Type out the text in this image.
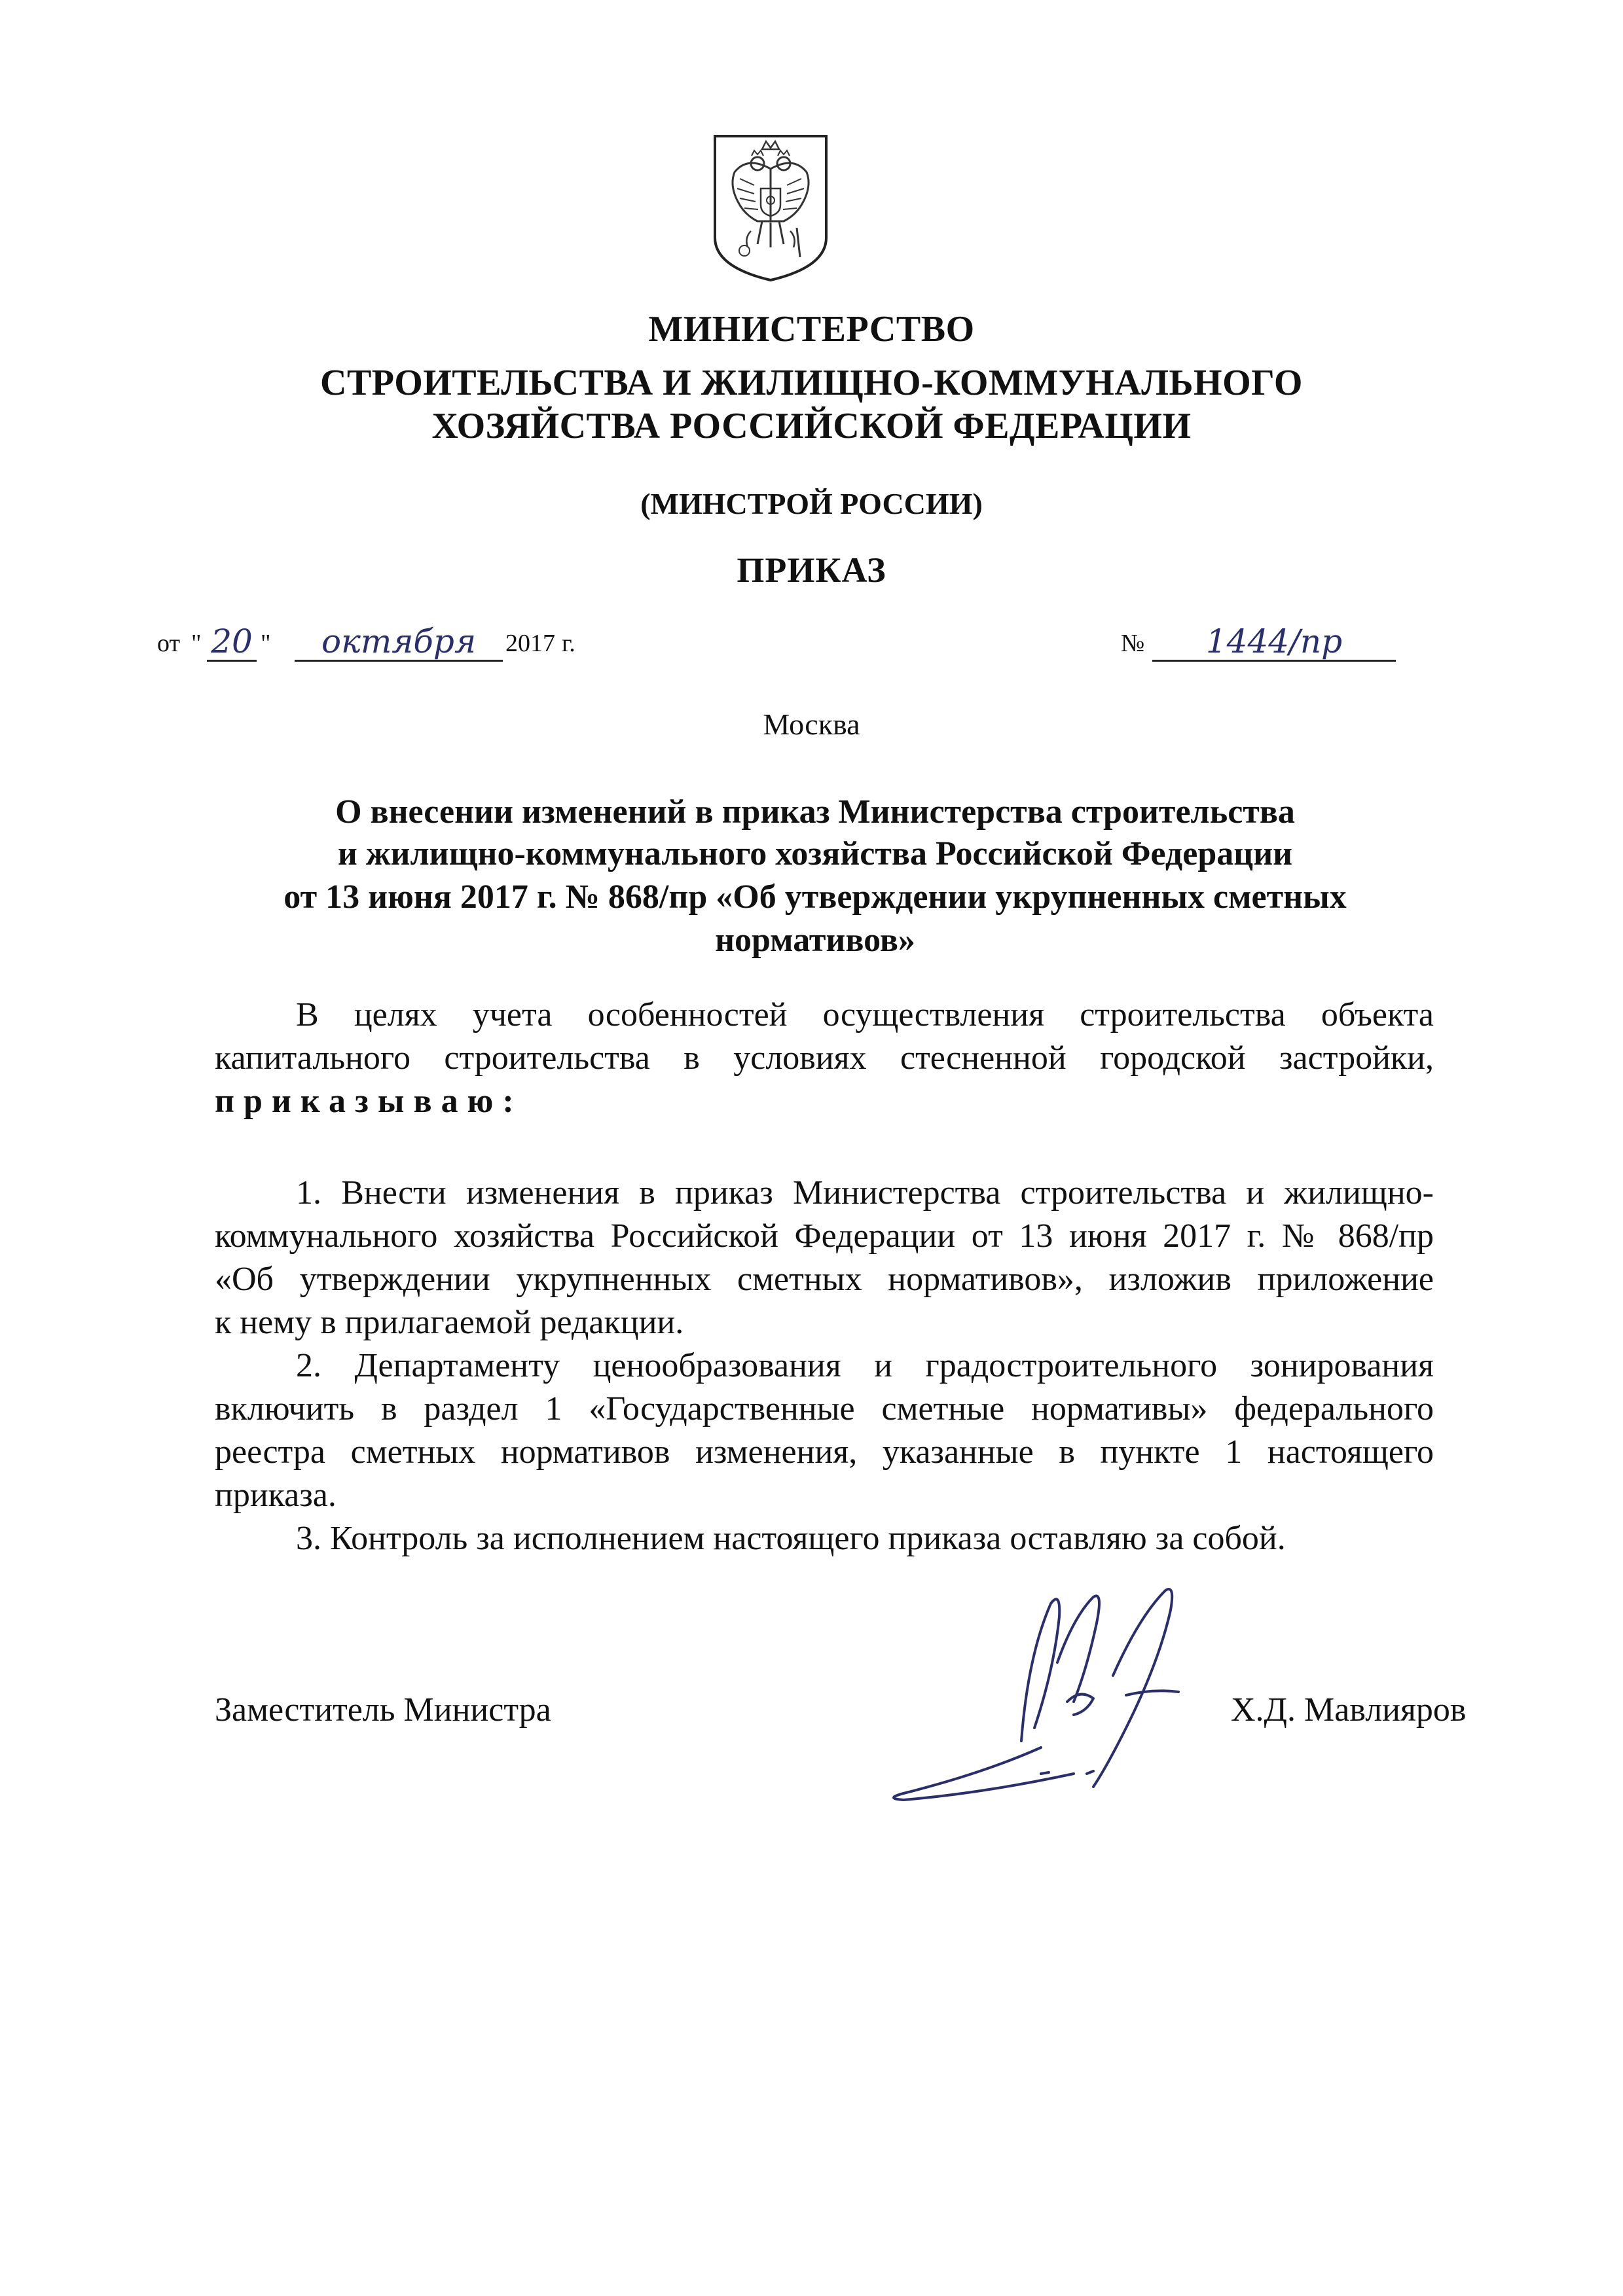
МИНИСТЕРСТВО
СТРОИТЕЛЬСТВА И ЖИЛИЩНО-КОММУНАЛЬНОГО
ХОЗЯЙСТВА РОССИЙСКОЙ ФЕДЕРАЦИИ
(МИНСТРОЙ РОССИИ)
ПРИКАЗ
от " 20 "	октября	2017 г.	№	1444/пр
Москва
О внесении изменений в приказ Министерства строительства
и жилищно-коммунального хозяйства Российской Федерации
от 13 июня 2017 г. № 868/пр «Об утверждении укрупненных сметных
нормативов»
В целях учета особенностей осуществления строительства объекта
капитального строительства в условиях стесненной городской застройки,
приказываю:
1. Внести изменения в приказ Министерства строительства и жилищно-
коммунального хозяйства Российской Федерации от 13 июня 2017 г. № 868/пр
«Об утверждении укрупненных сметных нормативов», изложив приложение
к нему в прилагаемой редакции.
2. Департаменту ценообразования и градостроительного зонирования
включить в раздел 1 «Государственные сметные нормативы» федерального
реестра сметных нормативов изменения, указанные в пункте 1 настоящего
приказа.
3. Контроль за исполнением настоящего приказа оставляю за собой.
Заместитель Министра	Х.Д. Мавлияров
